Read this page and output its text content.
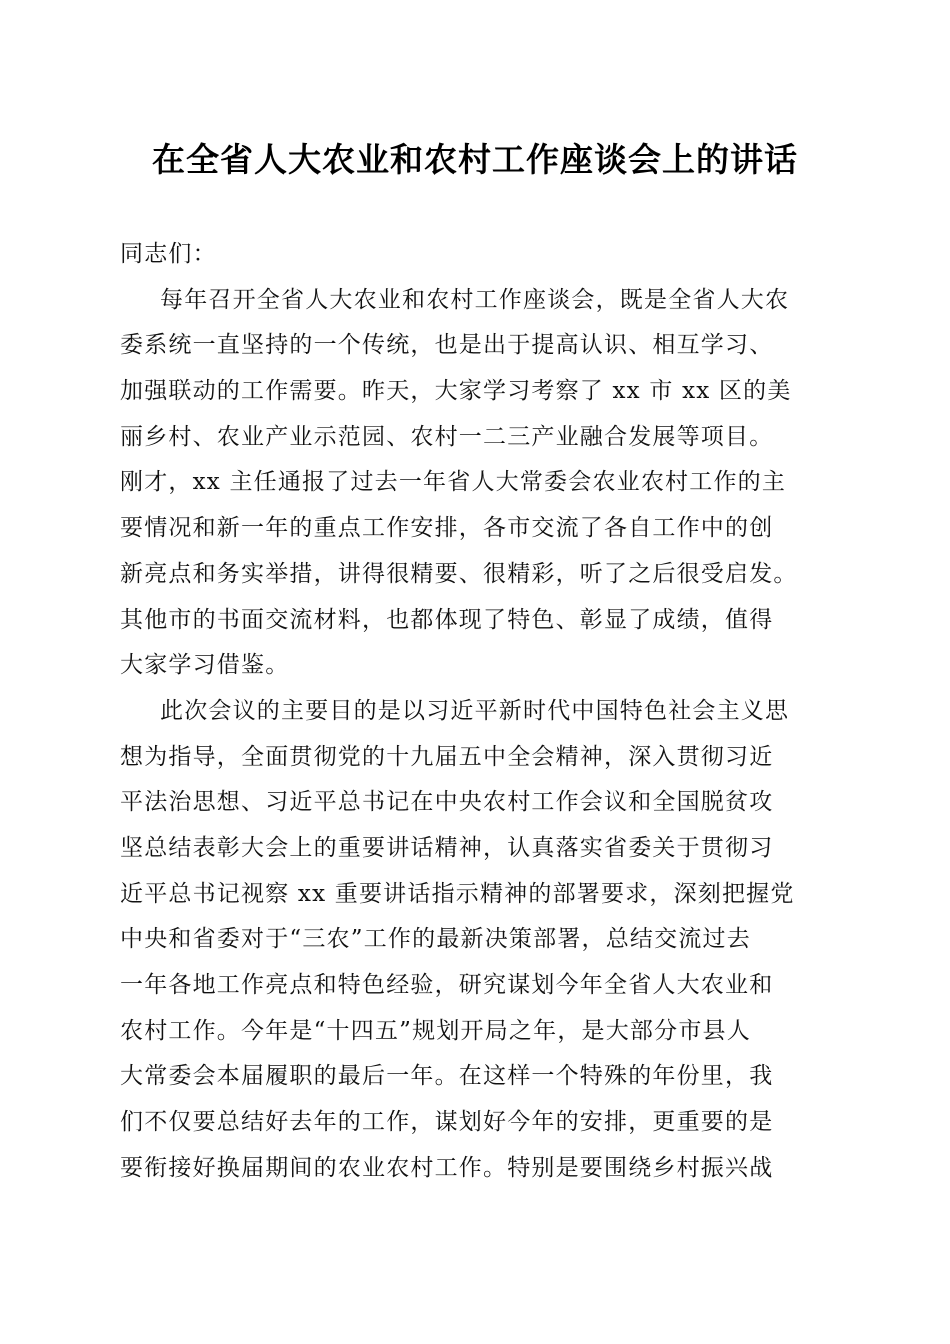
在全省人大农业和农村工作座谈会上的讲话
同志们：
每年召开全省人大农业和农村工作座谈会，既是全省人大农
委系统一直坚持的一个传统，也是出于提高认识、相互学习、
加强联动的工作需要。昨天，大家学习考察了 xx 市 xx 区的美
丽乡村、农业产业示范园、农村一二三产业融合发展等项目。
刚才，xx 主任通报了过去一年省人大常委会农业农村工作的主
要情况和新一年的重点工作安排，各市交流了各自工作中的创
新亮点和务实举措，讲得很精要、很精彩，听了之后很受启发。
其他市的书面交流材料，也都体现了特色、彰显了成绩，值得
大家学习借鉴。
此次会议的主要目的是以习近平新时代中国特色社会主义思
想为指导，全面贯彻党的十九届五中全会精神，深入贯彻习近
平法治思想、习近平总书记在中央农村工作会议和全国脱贫攻
坚总结表彰大会上的重要讲话精神，认真落实省委关于贯彻习
近平总书记视察 xx 重要讲话指示精神的部署要求，深刻把握党
中央和省委对于“三农”工作的最新决策部署，总结交流过去
一年各地工作亮点和特色经验，研究谋划今年全省人大农业和
农村工作。今年是“十四五”规划开局之年，是大部分市县人
大常委会本届履职的最后一年。在这样一个特殊的年份里，我
们不仅要总结好去年的工作，谋划好今年的安排，更重要的是
要衔接好换届期间的农业农村工作。特别是要围绕乡村振兴战
